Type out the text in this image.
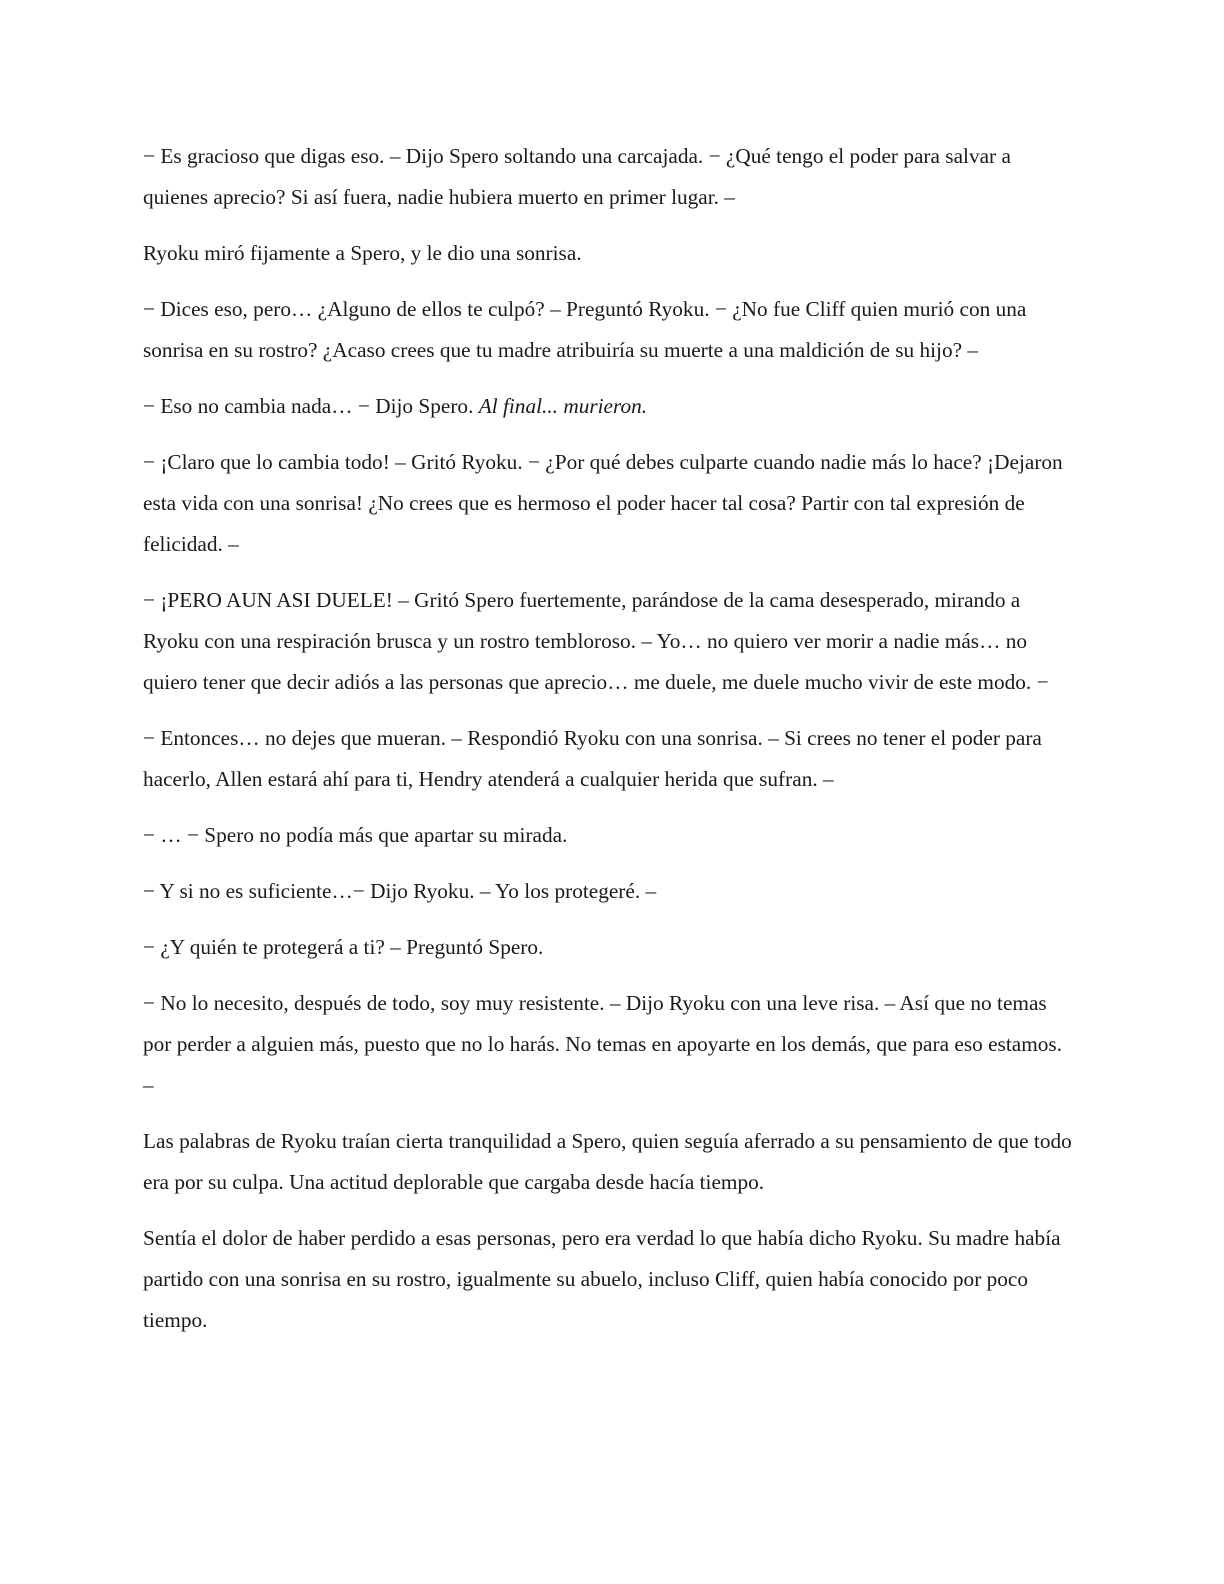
− Es gracioso que digas eso. – Dijo Spero soltando una carcajada. − ¿Qué tengo el poder para salvar a quienes aprecio? Si así fuera, nadie hubiera muerto en primer lugar. –

Ryoku miró fijamente a Spero, y le dio una sonrisa.

− Dices eso, pero… ¿Alguno de ellos te culpó? – Preguntó Ryoku. − ¿No fue Cliff quien murió con una sonrisa en su rostro? ¿Acaso crees que tu madre atribuiría su muerte a una maldición de su hijo? –

− Eso no cambia nada… − Dijo Spero. Al final... murieron.

− ¡Claro que lo cambia todo! – Gritó Ryoku. − ¿Por qué debes culparte cuando nadie más lo hace? ¡Dejaron esta vida con una sonrisa! ¿No crees que es hermoso el poder hacer tal cosa? Partir con tal expresión de felicidad. –

− ¡PERO AUN ASI DUELE! – Gritó Spero fuertemente, parándose de la cama desesperado, mirando a Ryoku con una respiración brusca y un rostro tembloroso. – Yo… no quiero ver morir a nadie más… no quiero tener que decir adiós a las personas que aprecio… me duele, me duele mucho vivir de este modo. −

− Entonces… no dejes que mueran. – Respondió Ryoku con una sonrisa. – Si crees no tener el poder para hacerlo, Allen estará ahí para ti, Hendry atenderá a cualquier herida que sufran. –

− … − Spero no podía más que apartar su mirada.

− Y si no es suficiente…− Dijo Ryoku. – Yo los protegeré. –

− ¿Y quién te protegerá a ti? – Preguntó Spero.

− No lo necesito, después de todo, soy muy resistente. – Dijo Ryoku con una leve risa. – Así que no temas por perder a alguien más, puesto que no lo harás. No temas en apoyarte en los demás, que para eso estamos. –

Las palabras de Ryoku traían cierta tranquilidad a Spero, quien seguía aferrado a su pensamiento de que todo era por su culpa. Una actitud deplorable que cargaba desde hacía tiempo.

Sentía el dolor de haber perdido a esas personas, pero era verdad lo que había dicho Ryoku. Su madre había partido con una sonrisa en su rostro, igualmente su abuelo, incluso Cliff, quien había conocido por poco tiempo.
